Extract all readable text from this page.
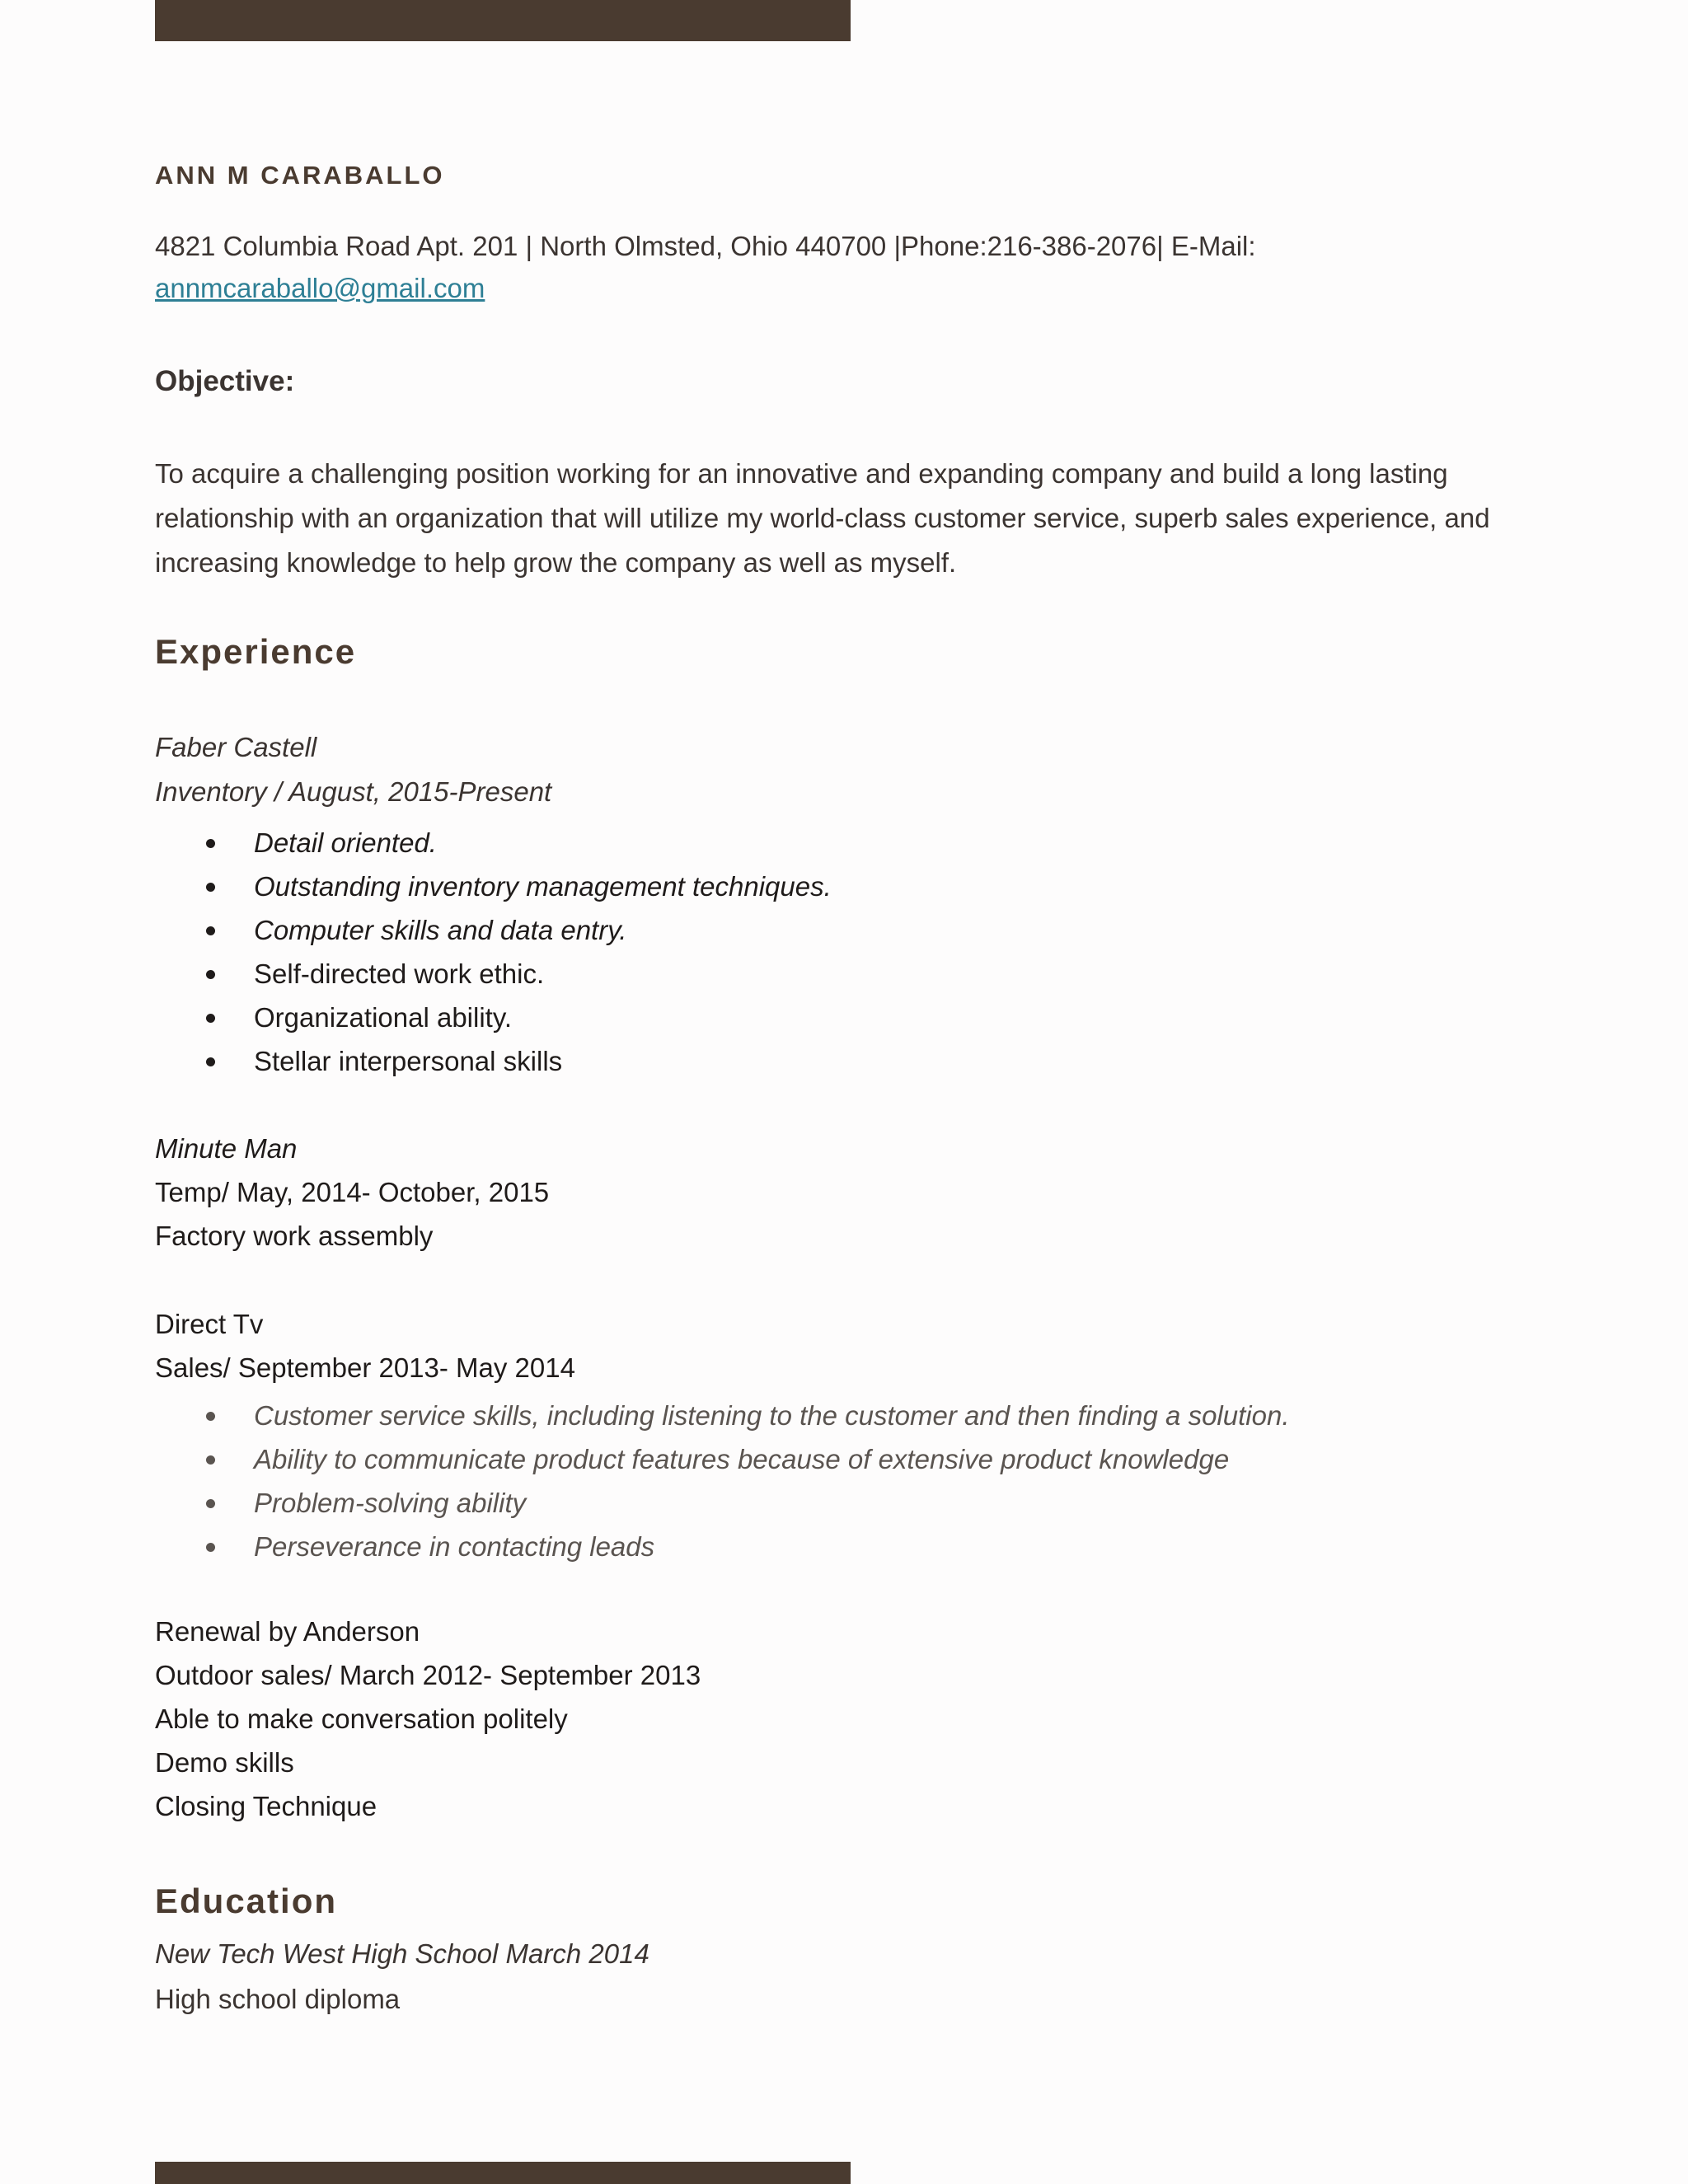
ANN M CARABALLO
4821 Columbia Road Apt. 201 | North Olmsted, Ohio 440700 |Phone:216-386-2076| E-Mail:
annmcaraballo@gmail.com
Objective:
To acquire a challenging position working for an innovative and expanding company and build a long lasting relationship with an organization that will utilize my world-class customer service, superb sales experience, and increasing knowledge to help grow the company as well as myself.
Experience
Faber Castell
Inventory / August, 2015-Present
Detail oriented.
Outstanding inventory management techniques.
Computer skills and data entry.
Self-directed work ethic.
Organizational ability.
Stellar interpersonal skills
Minute Man
Temp/ May, 2014- October, 2015
Factory work assembly
Direct Tv
Sales/ September 2013- May 2014
Customer service skills, including listening to the customer and then finding a solution.
Ability to communicate product features because of extensive product knowledge
Problem-solving ability
Perseverance in contacting leads
Renewal by Anderson
Outdoor sales/ March 2012- September 2013
Able to make conversation politely
Demo skills
Closing Technique
Education
New Tech West High School March 2014
High school diploma
